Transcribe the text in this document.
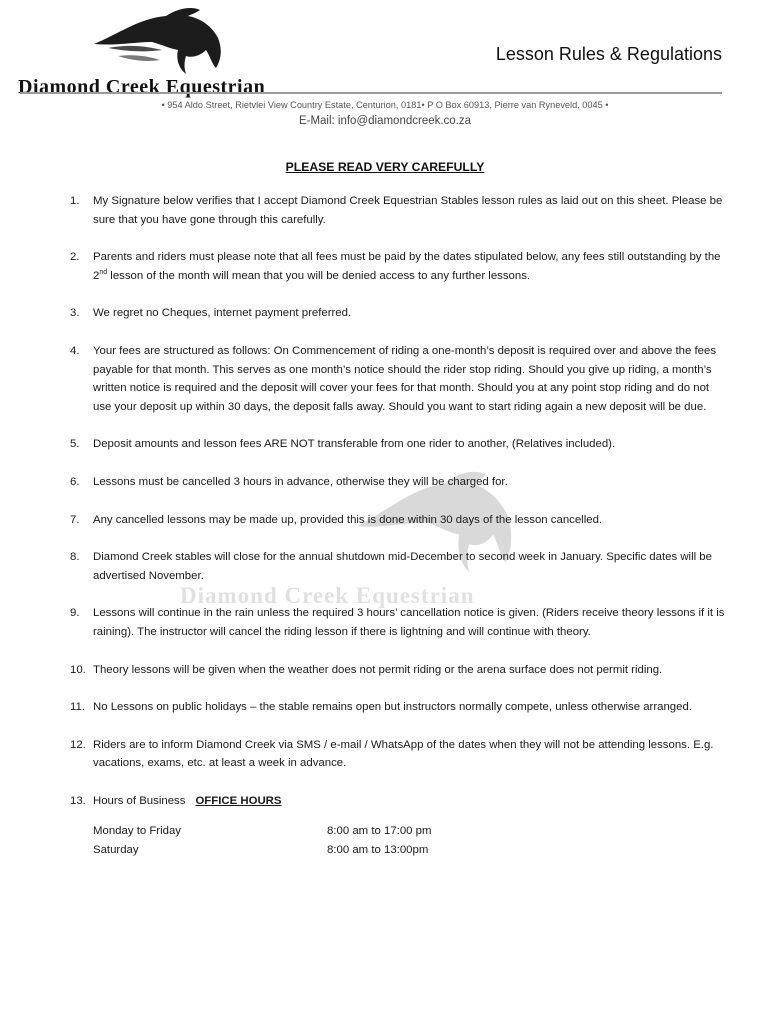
Diamond Creek Equestrian
Lesson Rules & Regulations
• 954 Aldo Street, Rietvlei View Country Estate, Centurion, 0181• P O Box 60913, Pierre van Ryneveld, 0045 •
E-Mail: info@diamondcreek.co.za
Diamond Creek Equestrian
PLEASE READ VERY CAREFULLY
1.	My Signature below verifies that I accept Diamond Creek Equestrian Stables lesson rules as laid out on this sheet. Please be sure that you have gone through this carefully.
2.	Parents and riders must please note that all fees must be paid by the dates stipulated below, any fees still outstanding by the 2nd lesson of the month will mean that you will be denied access to any further lessons.
3.	We regret no Cheques, internet payment preferred.
4.	Your fees are structured as follows: On Commencement of riding a one-month’s deposit is required over and above the fees payable for that month. This serves as one month’s notice should the rider stop riding. Should you give up riding, a month’s written notice is required and the deposit will cover your fees for that month. Should you at any point stop riding and do not use your deposit up within 30 days, the deposit falls away. Should you want to start riding again a new deposit will be due.
5.	Deposit amounts and lesson fees ARE NOT transferable from one rider to another, (Relatives included).
6.	Lessons must be cancelled 3 hours in advance, otherwise they will be charged for.
7.	Any cancelled lessons may be made up, provided this is done within 30 days of the lesson cancelled.
8.	Diamond Creek stables will close for the annual shutdown mid-December to second week in January. Specific dates will be advertised November.
9.	Lessons will continue in the rain unless the required 3 hours’ cancellation notice is given. (Riders receive theory lessons if it is raining). The instructor will cancel the riding lesson if there is lightning and will continue with theory.
10. Theory lessons will be given when the weather does not permit riding or the arena surface does not permit riding.
11. No Lessons on public holidays – the stable remains open but instructors normally compete, unless otherwise arranged.
12. Riders are to inform Diamond Creek via SMS / e-mail / WhatsApp of the dates when they will not be attending lessons. E.g. vacations, exams, etc. at least a week in advance.
13. Hours of Business OFFICE HOURS
Monday to Friday	8:00 am to 17:00 pm
Saturday	8:00 am to 13:00pm
